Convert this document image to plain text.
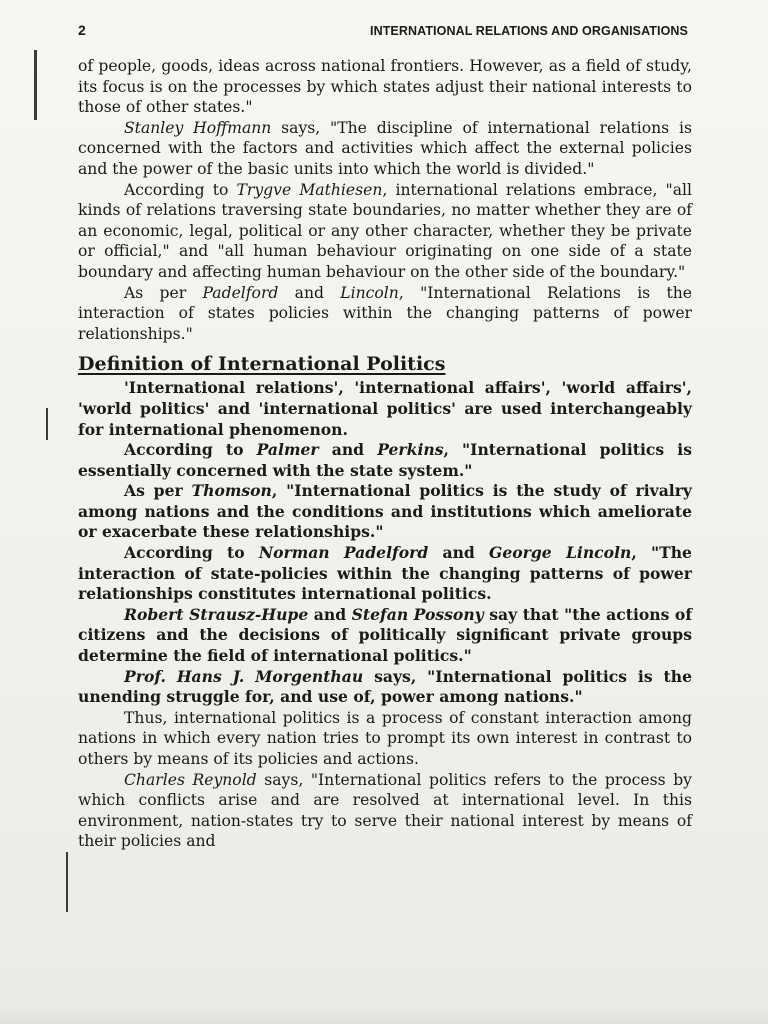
2	INTERNATIONAL RELATIONS AND ORGANISATIONS

of people, goods, ideas across national frontiers. However, as a field of study, its focus is on the processes by which states adjust their national interests to those of other states."

Stanley Hoffmann says, "The discipline of international relations is concerned with the factors and activities which affect the external policies and the power of the basic units into which the world is divided."

According to Trygve Mathiesen, international relations embrace, "all kinds of relations traversing state boundaries, no matter whether they are of an economic, legal, political or any other character, whether they be private or official," and "all human behaviour originating on one side of a state boundary and affecting human behaviour on the other side of the boundary."

As per Padelford and Lincoln, "International Relations is the interaction of states policies within the changing patterns of power relationships."

Definition of International Politics

'International relations', 'international affairs', 'world affairs', 'world politics' and 'international politics' are used interchangeably for international phenomenon.

According to Palmer and Perkins, "International politics is essentially concerned with the state system."

As per Thomson, "International politics is the study of rivalry among nations and the conditions and institutions which ameliorate or exacerbate these relationships."

According to Norman Padelford and George Lincoln, "The interaction of state-policies within the changing patterns of power relationships constitutes international politics.

Robert Strausz-Hupe and Stefan Possony say that "the actions of citizens and the decisions of politically significant private groups determine the field of international politics."

Prof. Hans J. Morgenthau says, "International politics is the unending struggle for, and use of, power among nations."

Thus, international politics is a process of constant interaction among nations in which every nation tries to prompt its own interest in contrast to others by means of its policies and actions.

Charles Reynold says, "International politics refers to the process by which conflicts arise and are resolved at international level. In this environment, nation-states try to serve their national interest by means of their policies and
